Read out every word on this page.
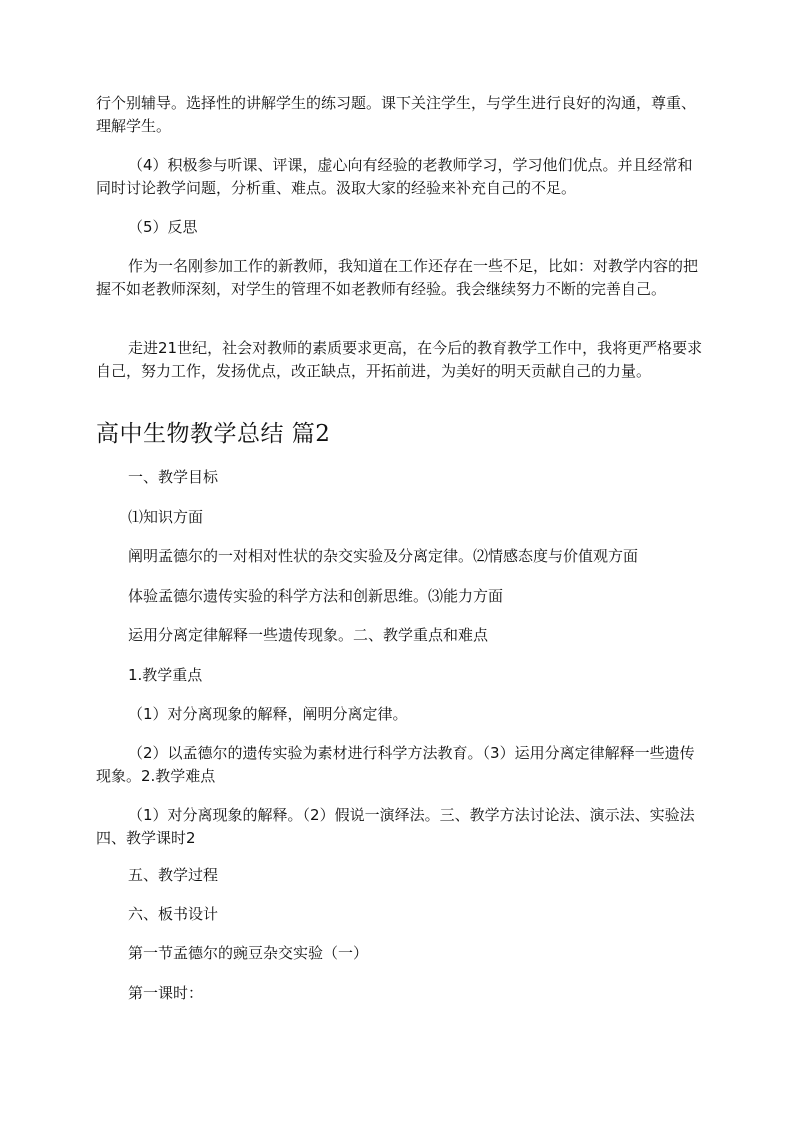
行个别辅导。选择性的讲解学生的练习题。课下关注学生，与学生进行良好的沟通，尊重、理解学生。

（4）积极参与听课、评课，虚心向有经验的老教师学习，学习他们优点。并且经常和同时讨论教学问题，分析重、难点。汲取大家的经验来补充自己的不足。

（5）反思

作为一名刚参加工作的新教师，我知道在工作还存在一些不足，比如：对教学内容的把握不如老教师深刻，对学生的管理不如老教师有经验。我会继续努力不断的完善自己。

走进21世纪，社会对教师的素质要求更高，在今后的教育教学工作中，我将更严格要求自己，努力工作，发扬优点，改正缺点，开拓前进，为美好的明天贡献自己的力量。

高中生物教学总结 篇2

一、教学目标

⑴知识方面

阐明孟德尔的一对相对性状的杂交实验及分离定律。⑵情感态度与价值观方面

体验孟德尔遗传实验的科学方法和创新思维。⑶能力方面

运用分离定律解释一些遗传现象。二、教学重点和难点

1.教学重点

（1）对分离现象的解释，阐明分离定律。

（2）以孟德尔的遗传实验为素材进行科学方法教育。（3）运用分离定律解释一些遗传现象。2.教学难点

（1）对分离现象的解释。（2）假说一演绎法。三、教学方法讨论法、演示法、实验法四、教学课时2

五、教学过程

六、板书设计

第一节孟德尔的豌豆杂交实验（一）

第一课时：
